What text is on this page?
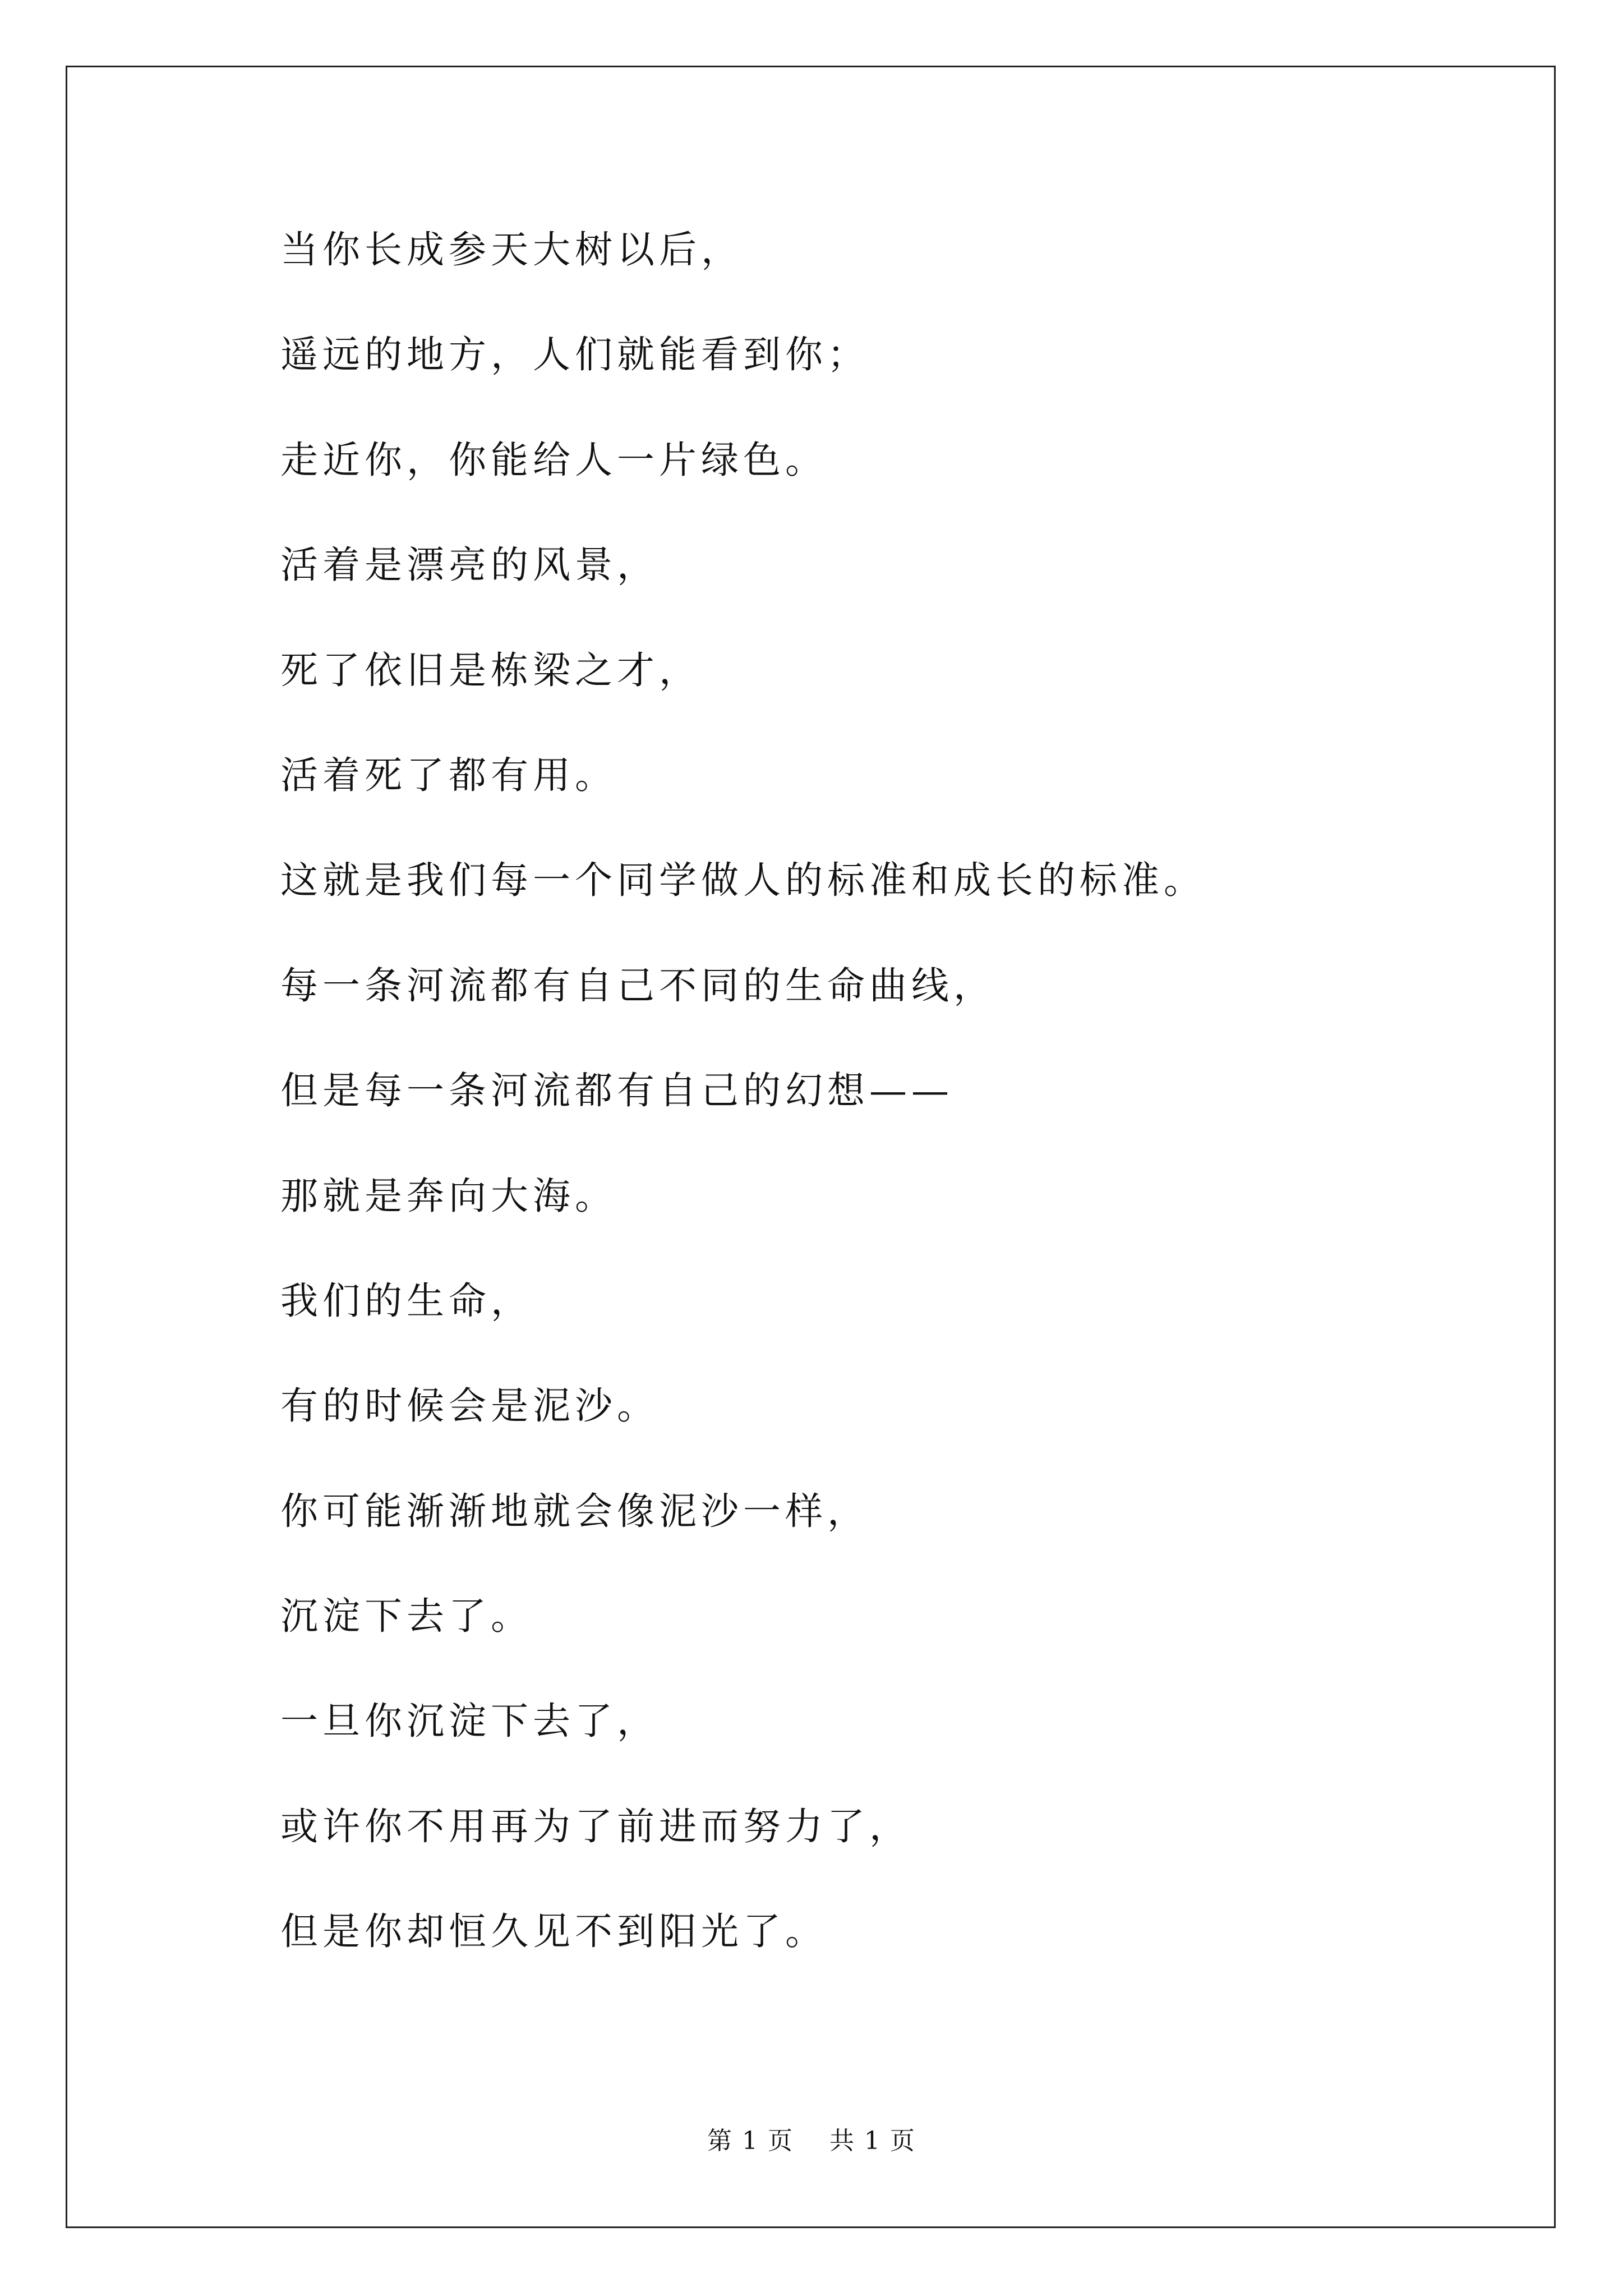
当你长成参天大树以后，

遥远的地方，人们就能看到你；

走近你，你能给人一片绿色。

活着是漂亮的风景，

死了依旧是栋梁之才，

活着死了都有用。

这就是我们每一个同学做人的标准和成长的标准。

每一条河流都有自己不同的生命曲线，

但是每一条河流都有自己的幻想——

那就是奔向大海。

我们的生命，

有的时候会是泥沙。

你可能渐渐地就会像泥沙一样，

沉淀下去了。

一旦你沉淀下去了，

或许你不用再为了前进而努力了，

但是你却恒久见不到阳光了。

第 1 页 共 1 页
